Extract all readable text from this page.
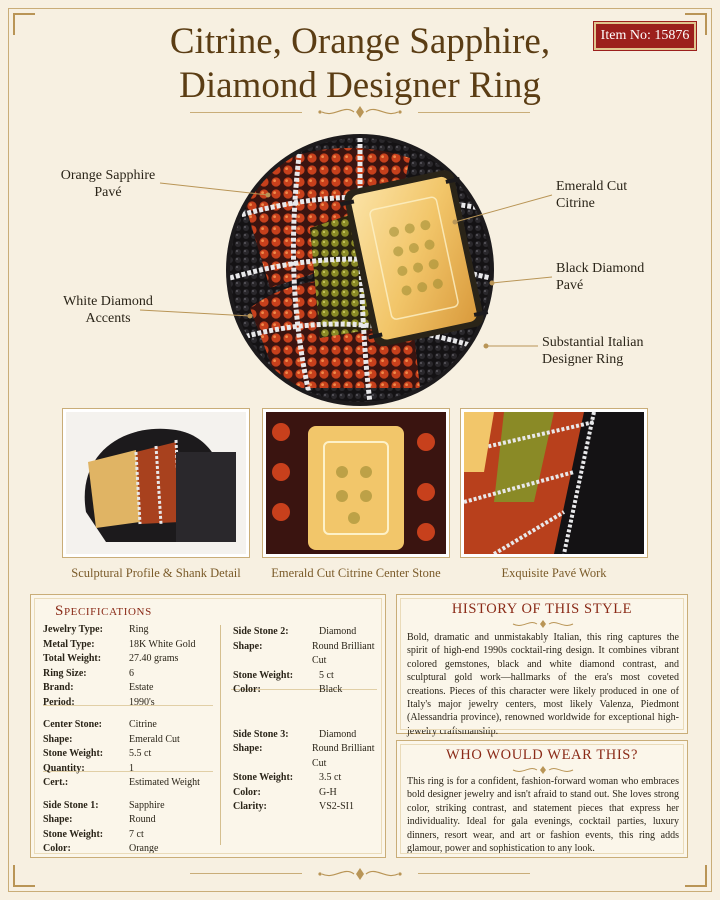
Citrine, Orange Sapphire,
Diamond Designer Ring
Item No: 15876
Orange Sapphire
Pavé
White Diamond
Accents
Emerald Cut
Citrine
Black Diamond
Pavé
Substantial Italian
Designer Ring
Sculptural Profile & Shank Detail	Emerald Cut Citrine Center Stone	Exquisite Pavé Work
Specifications
Jewelry Type:	Ring
Metal Type:	18K White Gold
Total Weight:	27.40 grams
Ring Size:	6
Brand:	Estate
Period:	1990's
Center Stone:	Citrine
Shape:	Emerald Cut
Stone Weight:	5.5 ct
Quantity:	1
Cert.:	Estimated Weight
Side Stone 1:	Sapphire
Shape:	Round
Stone Weight:	7 ct
Color:	Orange
Side Stone 2:	Diamond
Shape:	Round Brilliant Cut
Stone Weight:	5 ct
Color:	Black
Side Stone 3:	Diamond
Shape:	Round Brilliant Cut
Stone Weight:	3.5 ct
Color:	G-H
Clarity:	VS2-SI1
HISTORY OF THIS STYLE
Bold, dramatic and unmistakably Italian, this ring captures the spirit of high-end 1990s cocktail-ring design. It combines vibrant colored gemstones, black and white diamond contrast, and sculptural gold work—hallmarks of the era's most coveted creations. Pieces of this character were likely produced in one of Italy's major jewelry centers, most likely Valenza, Piedmont (Alessandria province), renowned worldwide for exceptional high-jewelry craftsmanship.
WHO WOULD WEAR THIS?
This ring is for a confident, fashion-forward woman who embraces bold designer jewelry and isn't afraid to stand out. She loves strong color, striking contrast, and statement pieces that express her individuality. Ideal for gala evenings, cocktail parties, luxury dinners, resort wear, and art or fashion events, this ring adds glamour, power and sophistication to any look.
